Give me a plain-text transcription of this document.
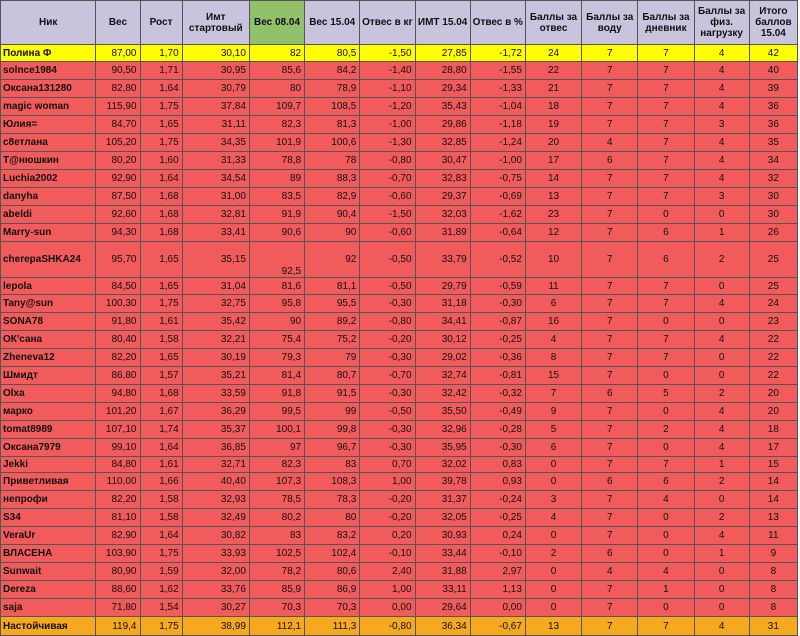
Ник	Вес	Рост	Имт стартовый	Вес 08.04	Вес 15.04	Отвес в кг	ИМТ 15.04	Отвес в %	Баллы за отвес	Баллы за воду	Баллы за дневник	Баллы за физ. нагрузку	Итого баллов 15.04
Полина Ф	87,00	1,70	30,10	82	80,5	-1,50	27,85	-1,72	24	7	7	4	42
solnce1984	90,50	1,71	30,95	85,6	84,2	-1,40	28,80	-1,55	22	7	7	4	40
Оксана131280	82,80	1,64	30,79	80	78,9	-1,10	29,34	-1,33	21	7	7	4	39
magic woman	115,90	1,75	37,84	109,7	108,5	-1,20	35,43	-1,04	18	7	7	4	36
Юлия=	84,70	1,65	31,11	82,3	81,3	-1,00	29,86	-1,18	19	7	7	3	36
с8етлана	105,20	1,75	34,35	101,9	100,6	-1,30	32,85	-1,24	20	4	7	4	35
Т@нюшкин	80,20	1,60	31,33	78,8	78	-0,80	30,47	-1,00	17	6	7	4	34
Luchia2002	92,90	1,64	34,54	89	88,3	-0,70	32,83	-0,75	14	7	7	4	32
danyha	87,50	1,68	31,00	83,5	82,9	-0,60	29,37	-0,69	13	7	7	3	30
abeldi	92,60	1,68	32,81	91,9	90,4	-1,50	32,03	-1,62	23	7	0	0	30
Marry-sun	94,30	1,68	33,41	90,6	90	-0,60	31,89	-0,64	12	7	6	1	26
cherepaSHKA24	95,70	1,65	35,15	92,5	92	-0,50	33,79	-0,52	10	7	6	2	25
lepola	84,50	1,65	31,04	81,6	81,1	-0,50	29,79	-0,59	11	7	7	0	25
Tany@sun	100,30	1,75	32,75	95,8	95,5	-0,30	31,18	-0,30	6	7	7	4	24
SONA78	91,80	1,61	35,42	90	89,2	-0,80	34,41	-0,87	16	7	0	0	23
ОК'сана	80,40	1,58	32,21	75,4	75,2	-0,20	30,12	-0,25	4	7	7	4	22
Zheneva12	82,20	1,65	30,19	79,3	79	-0,30	29,02	-0,36	8	7	7	0	22
Шмидт	86,80	1,57	35,21	81,4	80,7	-0,70	32,74	-0,81	15	7	0	0	22
Olxa	94,80	1,68	33,59	91,8	91,5	-0,30	32,42	-0,32	7	6	5	2	20
марко	101,20	1,67	36,29	99,5	99	-0,50	35,50	-0,49	9	7	0	4	20
tomat8989	107,10	1,74	35,37	100,1	99,8	-0,30	32,96	-0,28	5	7	2	4	18
Оксана7979	99,10	1,64	36,85	97	96,7	-0,30	35,95	-0,30	6	7	0	4	17
Jekki	84,80	1,61	32,71	82,3	83	0,70	32,02	0,83	0	7	7	1	15
Приветливая	110,00	1,66	40,40	107,3	108,3	1,00	39,78	0,93	0	6	6	2	14
непрофи	82,20	1,58	32,93	78,5	78,3	-0,20	31,37	-0,24	3	7	4	0	14
S34	81,10	1,58	32,49	80,2	80	-0,20	32,05	-0,25	4	7	0	2	13
VeraUr	82,90	1,64	30,82	83	83,2	0,20	30,93	0,24	0	7	0	4	11
ВЛАСЕНА	103,90	1,75	33,93	102,5	102,4	-0,10	33,44	-0,10	2	6	0	1	9
Sunwait	80,90	1,59	32,00	78,2	80,6	2,40	31,88	2,97	0	4	4	0	8
Dereza	88,60	1,62	33,76	85,9	86,9	1,00	33,11	1,13	0	7	1	0	8
saja	71,80	1,54	30,27	70,3	70,3	0,00	29,64	0,00	0	7	0	0	8
Настойчивая	119,4	1,75	38,99	112,1	111,3	-0,80	36,34	-0,67	13	7	7	4	31
